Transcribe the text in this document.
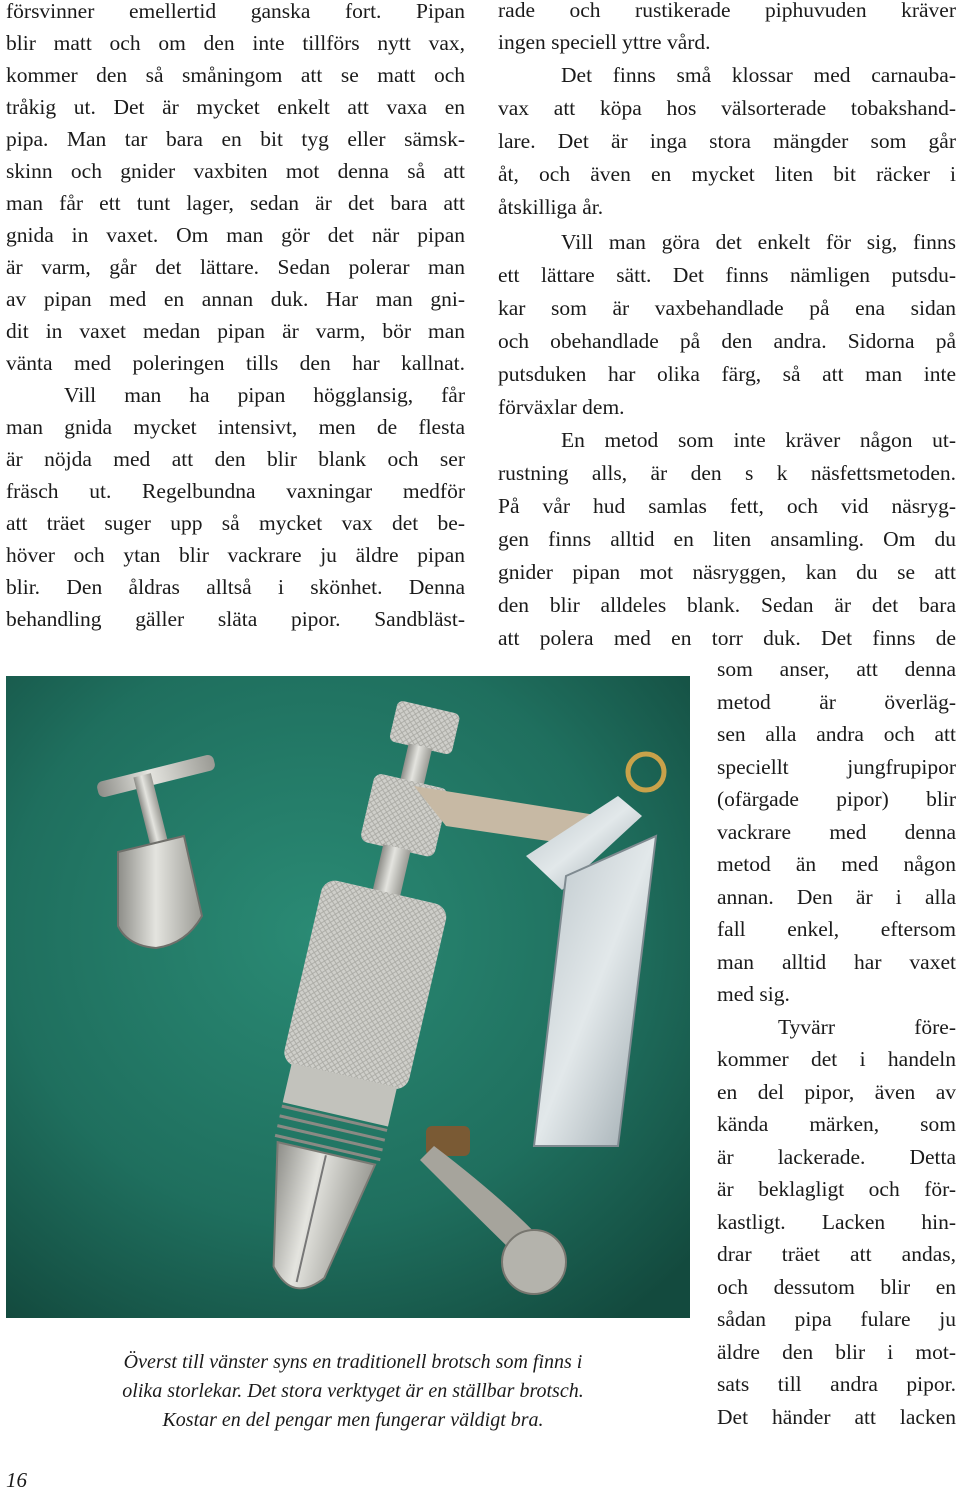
försvinner emellertid ganska fort. Pipan
blir matt och om den inte tillförs nytt vax,
kommer den så småningom att se matt och
tråkig ut. Det är mycket enkelt att vaxa en
pipa. Man tar bara en bit tyg eller sämsk-
skinn och gnider vaxbiten mot denna så att
man får ett tunt lager, sedan är det bara att
gnida in vaxet. Om man gör det när pipan
är varm, går det lättare. Sedan polerar man
av pipan med en annan duk. Har man gni-
dit in vaxet medan pipan är varm, bör man
vänta med poleringen tills den har kallnat.
Vill man ha pipan högglansig, får
man gnida mycket intensivt, men de flesta
är nöjda med att den blir blank och ser
fräsch ut. Regelbundna vaxningar medför
att träet suger upp så mycket vax det be-
höver och ytan blir vackrare ju äldre pipan
blir. Den åldras alltså i skönhet. Denna
behandling gäller släta pipor. Sandbläst-
rade och rustikerade piphuvuden kräver
ingen speciell yttre vård.
Det finns små klossar med carnauba-
vax att köpa hos välsorterade tobakshand-
lare. Det är inga stora mängder som går
åt, och även en mycket liten bit räcker i
åtskilliga år.
Vill man göra det enkelt för sig, finns
ett lättare sätt. Det finns nämligen putsdu-
kar som är vaxbehandlade på ena sidan
och obehandlade på den andra. Sidorna på
putsduken har olika färg, så att man inte
förväxlar dem.
En metod som inte kräver någon ut-
rustning alls, är den s k näsfettsmetoden.
På vår hud samlas fett, och vid näsryg-
gen finns alltid en liten ansamling. Om du
gnider pipan mot näsryggen, kan du se att
den blir alldeles blank. Sedan är det bara
att polera med en torr duk. Det finns de
som anser, att denna
metod är överläg-
sen alla andra och att
speciellt jungfrupipor
(ofärgade pipor) blir
vackrare med denna
metod än med någon
annan. Den är i alla
fall enkel, eftersom
man alltid har vaxet
med sig.
Tyvärr före-
kommer det i handeln
en del pipor, även av
kända märken, som
är lackerade. Detta
är beklagligt och för-
kastligt. Lacken hin-
drar träet att andas,
och dessutom blir en
sådan pipa fulare ju
äldre den blir i mot-
sats till andra pipor.
Det händer att lacken
Överst till vänster syns en traditionell brotsch som finns i
olika storlekar. Det stora verktyget är en ställbar brotsch.
Kostar en del pengar men fungerar väldigt bra.
16
